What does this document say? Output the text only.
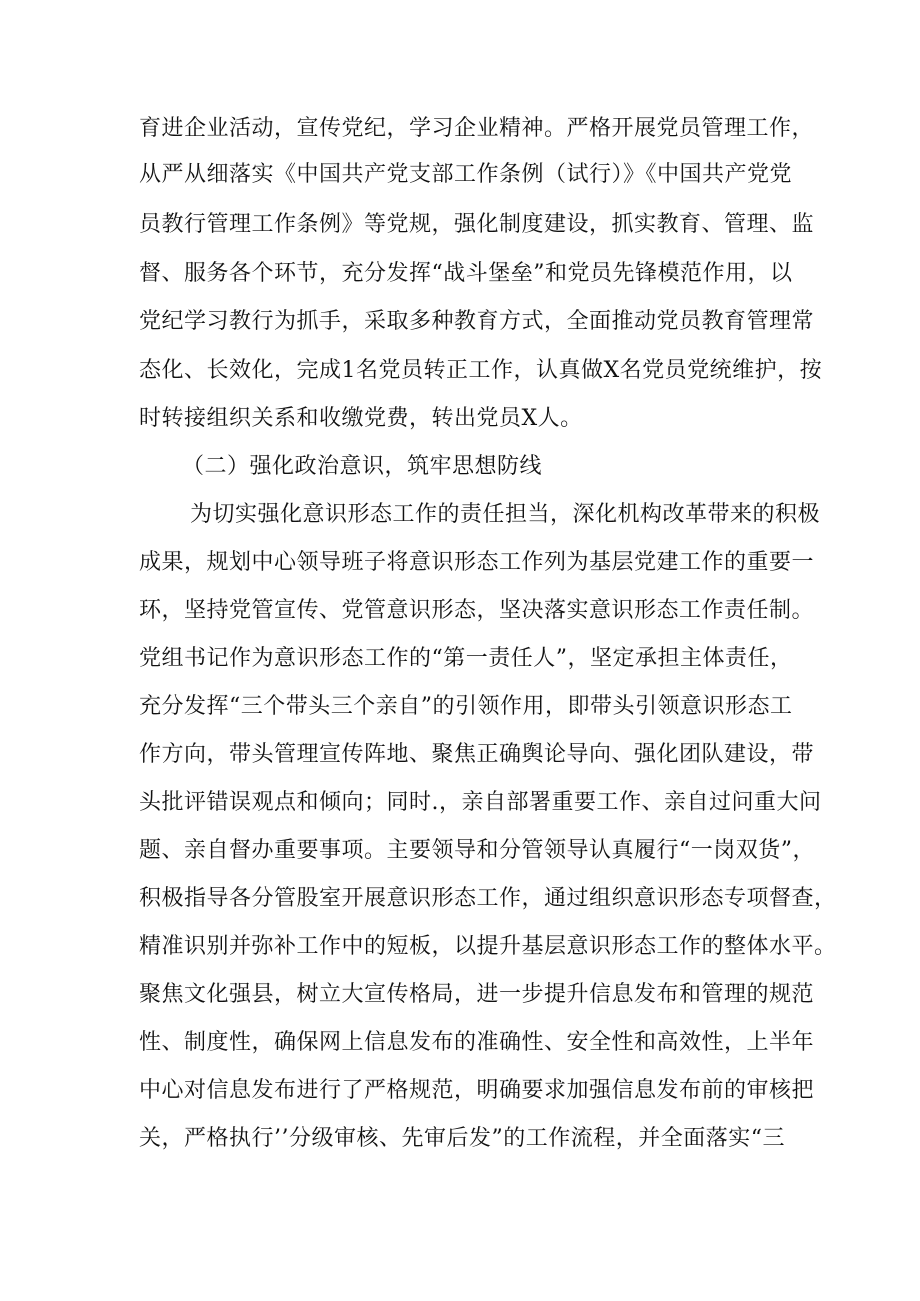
育进企业活动，宣传党纪，学习企业精神。严格开展党员管理工作，
从严从细落实《中国共产党支部工作条例（试行）》《中国共产党党
员教行管理工作条例》等党规，强化制度建设，抓实教育、管理、监
督、服务各个环节，充分发挥“战斗堡垒”和党员先锋模范作用，以
党纪学习教行为抓手，采取多种教育方式，全面推动党员教育管理常
态化、长效化，完成1名党员转正工作，认真做X名党员党统维护，按
时转接组织关系和收缴党费，转出党员X人。
（二）强化政治意识，筑牢思想防线
为切实强化意识形态工作的责任担当，深化机构改革带来的积极
成果，规划中心领导班子将意识形态工作列为基层党建工作的重要一
环，坚持党管宣传、党管意识形态，坚决落实意识形态工作责任制。
党组书记作为意识形态工作的“第一责任人”，坚定承担主体责任，
充分发挥“三个带头三个亲自”的引领作用，即带头引领意识形态工
作方向，带头管理宣传阵地、聚焦正确舆论导向、强化团队建设，带
头批评错误观点和倾向；同时.，亲自部署重要工作、亲自过问重大问
题、亲自督办重要事项。主要领导和分管领导认真履行“一岗双货”，
积极指导各分管股室开展意识形态工作，通过组织意识形态专项督查，
精准识别并弥补工作中的短板，以提升基层意识形态工作的整体水平。
聚焦文化强县，树立大宣传格局，进一步提升信息发布和管理的规范
性、制度性，确保网上信息发布的准确性、安全性和高效性，上半年
中心对信息发布进行了严格规范，明确要求加强信息发布前的审核把
关，严格执行’’分级审核、先审后发”的工作流程，并全面落实“三
